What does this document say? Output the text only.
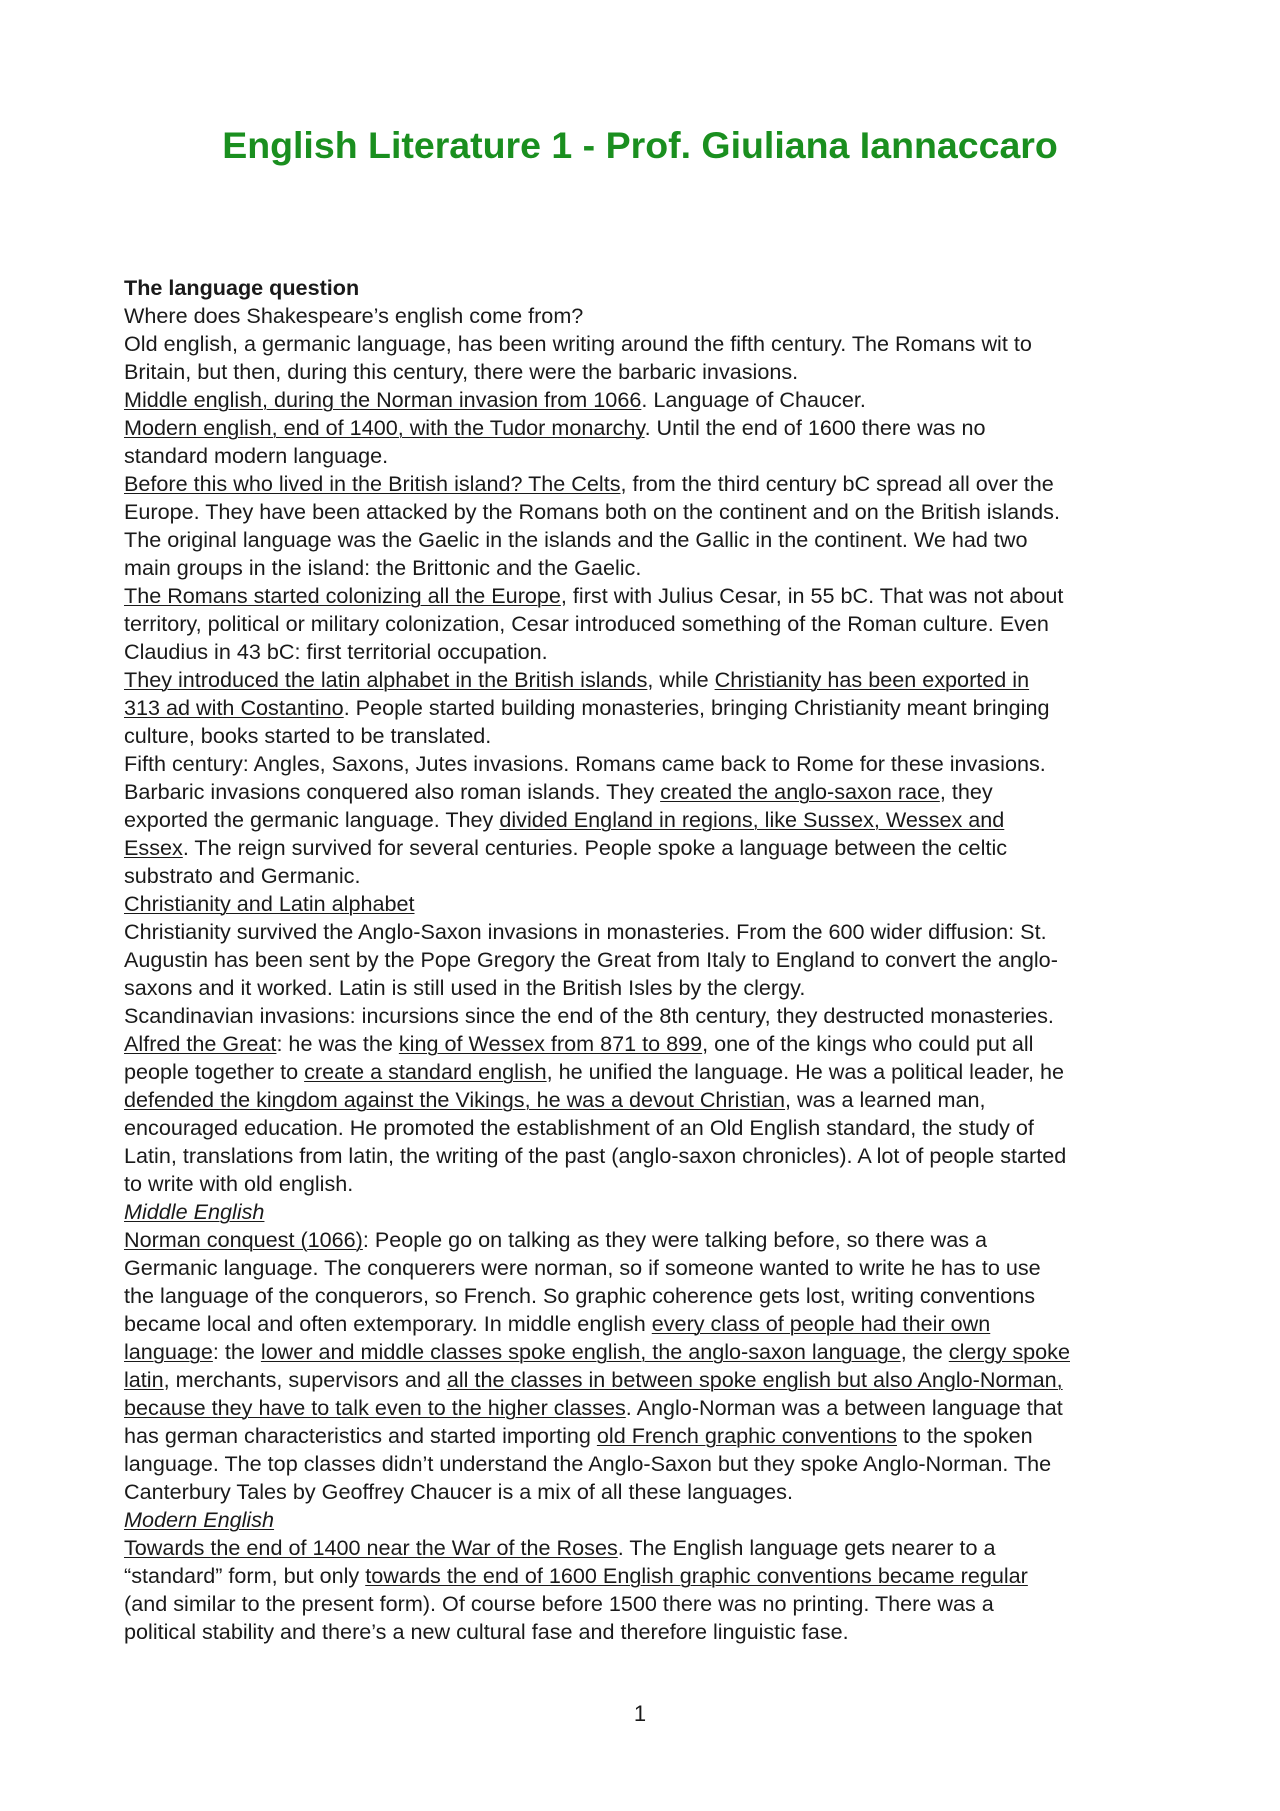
English Literature 1 - Prof. Giuliana Iannaccaro
The language question
Where does Shakespeare’s english come from?
Old english, a germanic language, has been writing around the fifth century. The Romans wit to
Britain, but then, during this century, there were the barbaric invasions.
Middle english, during the Norman invasion from 1066. Language of Chaucer.
Modern english, end of 1400, with the Tudor monarchy. Until the end of 1600 there was no
standard modern language.
Before this who lived in the British island? The Celts, from the third century bC spread all over the
Europe. They have been attacked by the Romans both on the continent and on the British islands.
The original language was the Gaelic in the islands and the Gallic in the continent. We had two
main groups in the island: the Brittonic and the Gaelic.
The Romans started colonizing all the Europe, first with Julius Cesar, in 55 bC. That was not about
territory, political or military colonization, Cesar introduced something of the Roman culture. Even
Claudius in 43 bC: first territorial occupation.
They introduced the latin alphabet in the British islands, while Christianity has been exported in
313 ad with Costantino. People started building monasteries, bringing Christianity meant bringing
culture, books started to be translated.
Fifth century: Angles, Saxons, Jutes invasions. Romans came back to Rome for these invasions.
Barbaric invasions conquered also roman islands. They created the anglo-saxon race, they
exported the germanic language. They divided England in regions, like Sussex, Wessex and
Essex. The reign survived for several centuries. People spoke a language between the celtic
substrato and Germanic.
Christianity and Latin alphabet
Christianity survived the Anglo-Saxon invasions in monasteries. From the 600 wider diffusion: St.
Augustin has been sent by the Pope Gregory the Great from Italy to England to convert the anglo-
saxons and it worked. Latin is still used in the British Isles by the clergy.
Scandinavian invasions: incursions since the end of the 8th century, they destructed monasteries.
Alfred the Great: he was the king of Wessex from 871 to 899, one of the kings who could put all
people together to create a standard english, he unified the language. He was a political leader, he
defended the kingdom against the Vikings, he was a devout Christian, was a learned man,
encouraged education. He promoted the establishment of an Old English standard, the study of
Latin, translations from latin, the writing of the past (anglo-saxon chronicles). A lot of people started
to write with old english.
Middle English
Norman conquest (1066): People go on talking as they were talking before, so there was a
Germanic language. The conquerers were norman, so if someone wanted to write he has to use
the language of the conquerors, so French. So graphic coherence gets lost, writing conventions
became local and often extemporary. In middle english every class of people had their own
language: the lower and middle classes spoke english, the anglo-saxon language, the clergy spoke
latin, merchants, supervisors and all the classes in between spoke english but also Anglo-Norman,
because they have to talk even to the higher classes. Anglo-Norman was a between language that
has german characteristics and started importing old French graphic conventions to the spoken
language. The top classes didn’t understand the Anglo-Saxon but they spoke Anglo-Norman. The
Canterbury Tales by Geoffrey Chaucer is a mix of all these languages.
Modern English
Towards the end of 1400 near the War of the Roses. The English language gets nearer to a
“standard” form, but only towards the end of 1600 English graphic conventions became regular
(and similar to the present form). Of course before 1500 there was no printing. There was a
political stability and there’s a new cultural fase and therefore linguistic fase.
1
